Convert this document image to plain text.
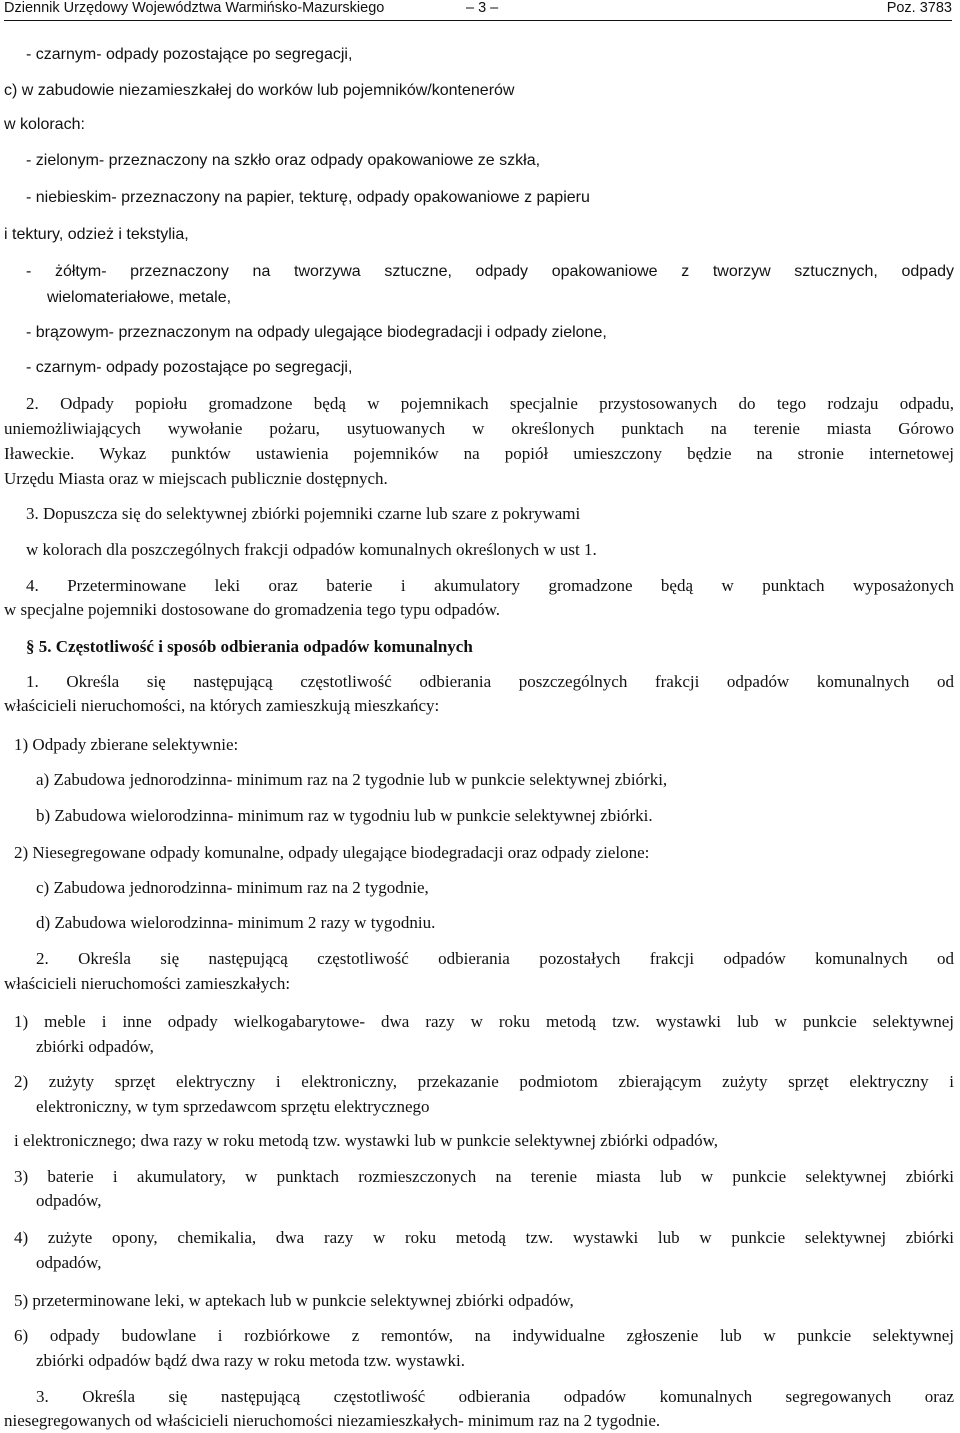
Dziennik Urzędowy Województwa Warmińsko-Mazurskiego	– 3 –	Poz. 3783
- czarnym- odpady pozostające po segregacji,
c) w zabudowie niezamieszkałej do worków lub pojemników/kontenerów
w kolorach:
- zielonym- przeznaczony na szkło oraz odpady opakowaniowe ze szkła,
- niebieskim- przeznaczony na papier, tekturę, odpady opakowaniowe z papieru
i tektury, odzież i tekstylia,
- żółtym- przeznaczony na tworzywa sztuczne, odpady opakowaniowe z tworzyw sztucznych, odpady
wielomateriałowe, metale,
- brązowym- przeznaczonym na odpady ulegające biodegradacji i odpady zielone,
- czarnym- odpady pozostające po segregacji,
2. Odpady popiołu gromadzone będą w pojemnikach specjalnie przystosowanych do tego rodzaju odpadu,
uniemożliwiających wywołanie pożaru, usytuowanych w określonych punktach na terenie miasta Górowo
Iławeckie. Wykaz punktów ustawienia pojemników na popiół umieszczony będzie na stronie internetowej
Urzędu Miasta oraz w miejscach publicznie dostępnych.
3. Dopuszcza się do selektywnej zbiórki pojemniki czarne lub szare z pokrywami
w kolorach dla poszczególnych frakcji odpadów komunalnych określonych w ust 1.
4. Przeterminowane leki oraz baterie i akumulatory gromadzone będą w punktach wyposażonych
w specjalne pojemniki dostosowane do gromadzenia tego typu odpadów.
§ 5. Częstotliwość i sposób odbierania odpadów komunalnych
1. Określa się następującą częstotliwość odbierania poszczególnych frakcji odpadów komunalnych od
właścicieli nieruchomości, na których zamieszkują mieszkańcy:
1) Odpady zbierane selektywnie:
a) Zabudowa jednorodzinna- minimum raz na 2 tygodnie lub w punkcie selektywnej zbiórki,
b) Zabudowa wielorodzinna- minimum raz w tygodniu lub w punkcie selektywnej zbiórki.
2) Niesegregowane odpady komunalne, odpady ulegające biodegradacji oraz odpady zielone:
c) Zabudowa jednorodzinna- minimum raz na 2 tygodnie,
d) Zabudowa wielorodzinna- minimum 2 razy w tygodniu.
2. Określa się następującą częstotliwość odbierania pozostałych frakcji odpadów komunalnych od
właścicieli nieruchomości zamieszkałych:
1) meble i inne odpady wielkogabarytowe- dwa razy w roku metodą tzw. wystawki lub w punkcie selektywnej
zbiórki odpadów,
2) zużyty sprzęt elektryczny i elektroniczny, przekazanie podmiotom zbierającym zużyty sprzęt elektryczny i
elektroniczny, w tym sprzedawcom sprzętu elektrycznego
i elektronicznego; dwa razy w roku metodą tzw. wystawki lub w punkcie selektywnej zbiórki odpadów,
3) baterie i akumulatory, w punktach rozmieszczonych na terenie miasta lub w punkcie selektywnej zbiórki
odpadów,
4) zużyte opony, chemikalia, dwa razy w roku metodą tzw. wystawki lub w punkcie selektywnej zbiórki
odpadów,
5) przeterminowane leki, w aptekach lub w punkcie selektywnej zbiórki odpadów,
6) odpady budowlane i rozbiórkowe z remontów, na indywidualne zgłoszenie lub w punkcie selektywnej
zbiórki odpadów bądź dwa razy w roku metoda tzw. wystawki.
3. Określa się następującą częstotliwość odbierania odpadów komunalnych segregowanych oraz
niesegregowanych od właścicieli nieruchomości niezamieszkałych- minimum raz na 2 tygodnie.
